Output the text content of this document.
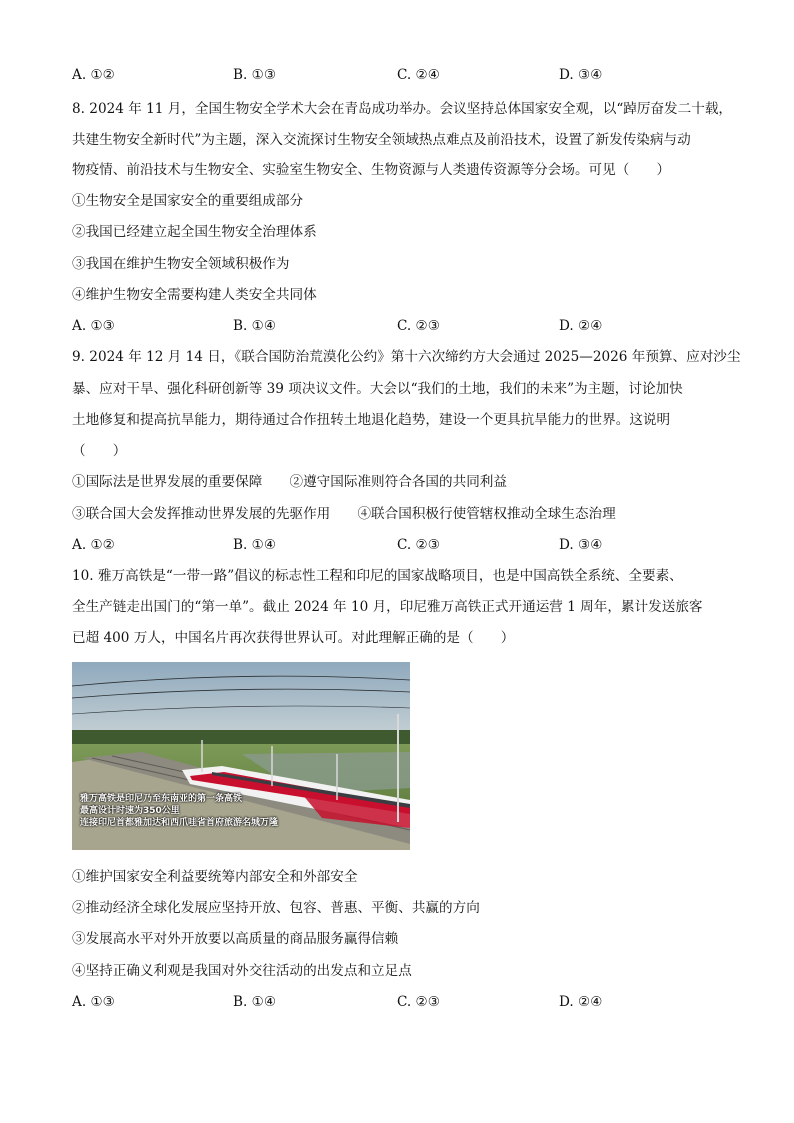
A. ①②	B. ①③	C. ②④	D. ③④
8. 2024 年 11 月，全国生物安全学术大会在青岛成功举办。会议坚持总体国家安全观，以“踔厉奋发二十载，
共建生物安全新时代”为主题，深入交流探讨生物安全领域热点难点及前沿技术，设置了新发传染病与动
物疫情、前沿技术与生物安全、实验室生物安全、生物资源与人类遗传资源等分会场。可见（　　）
①生物安全是国家安全的重要组成部分
②我国已经建立起全国生物安全治理体系
③我国在维护生物安全领域积极作为
④维护生物安全需要构建人类安全共同体
A. ①③	B. ①④	C. ②③	D. ②④
9. 2024 年 12 月 14 日，《联合国防治荒漠化公约》第十六次缔约方大会通过 2025—2026 年预算、应对沙尘
暴、应对干旱、强化科研创新等 39 项决议文件。大会以“我们的土地，我们的未来”为主题，讨论加快
土地修复和提高抗旱能力，期待通过合作扭转土地退化趋势，建设一个更具抗旱能力的世界。这说明
（　　）
①国际法是世界发展的重要保障　　②遵守国际准则符合各国的共同利益
③联合国大会发挥推动世界发展的先驱作用　　④联合国积极行使管辖权推动全球生态治理
A. ①②	B. ①④	C. ②③	D. ③④
10. 雅万高铁是“一带一路”倡议的标志性工程和印尼的国家战略项目，也是中国高铁全系统、全要素、
全生产链走出国门的“第一单”。截止 2024 年 10 月，印尼雅万高铁正式开通运营 1 周年，累计发送旅客
已超 400 万人，中国名片再次获得世界认可。对此理解正确的是（　　）
雅万高铁是印尼乃至东南亚的第一条高铁
最高设计时速为350公里
连接印尼首都雅加达和西爪哇省首府旅游名城万隆
①维护国家安全利益要统筹内部安全和外部安全
②推动经济全球化发展应坚持开放、包容、普惠、平衡、共赢的方向
③发展高水平对外开放要以高质量的商品服务赢得信赖
④坚持正确义利观是我国对外交往活动的出发点和立足点
A. ①③	B. ①④	C. ②③	D. ②④
